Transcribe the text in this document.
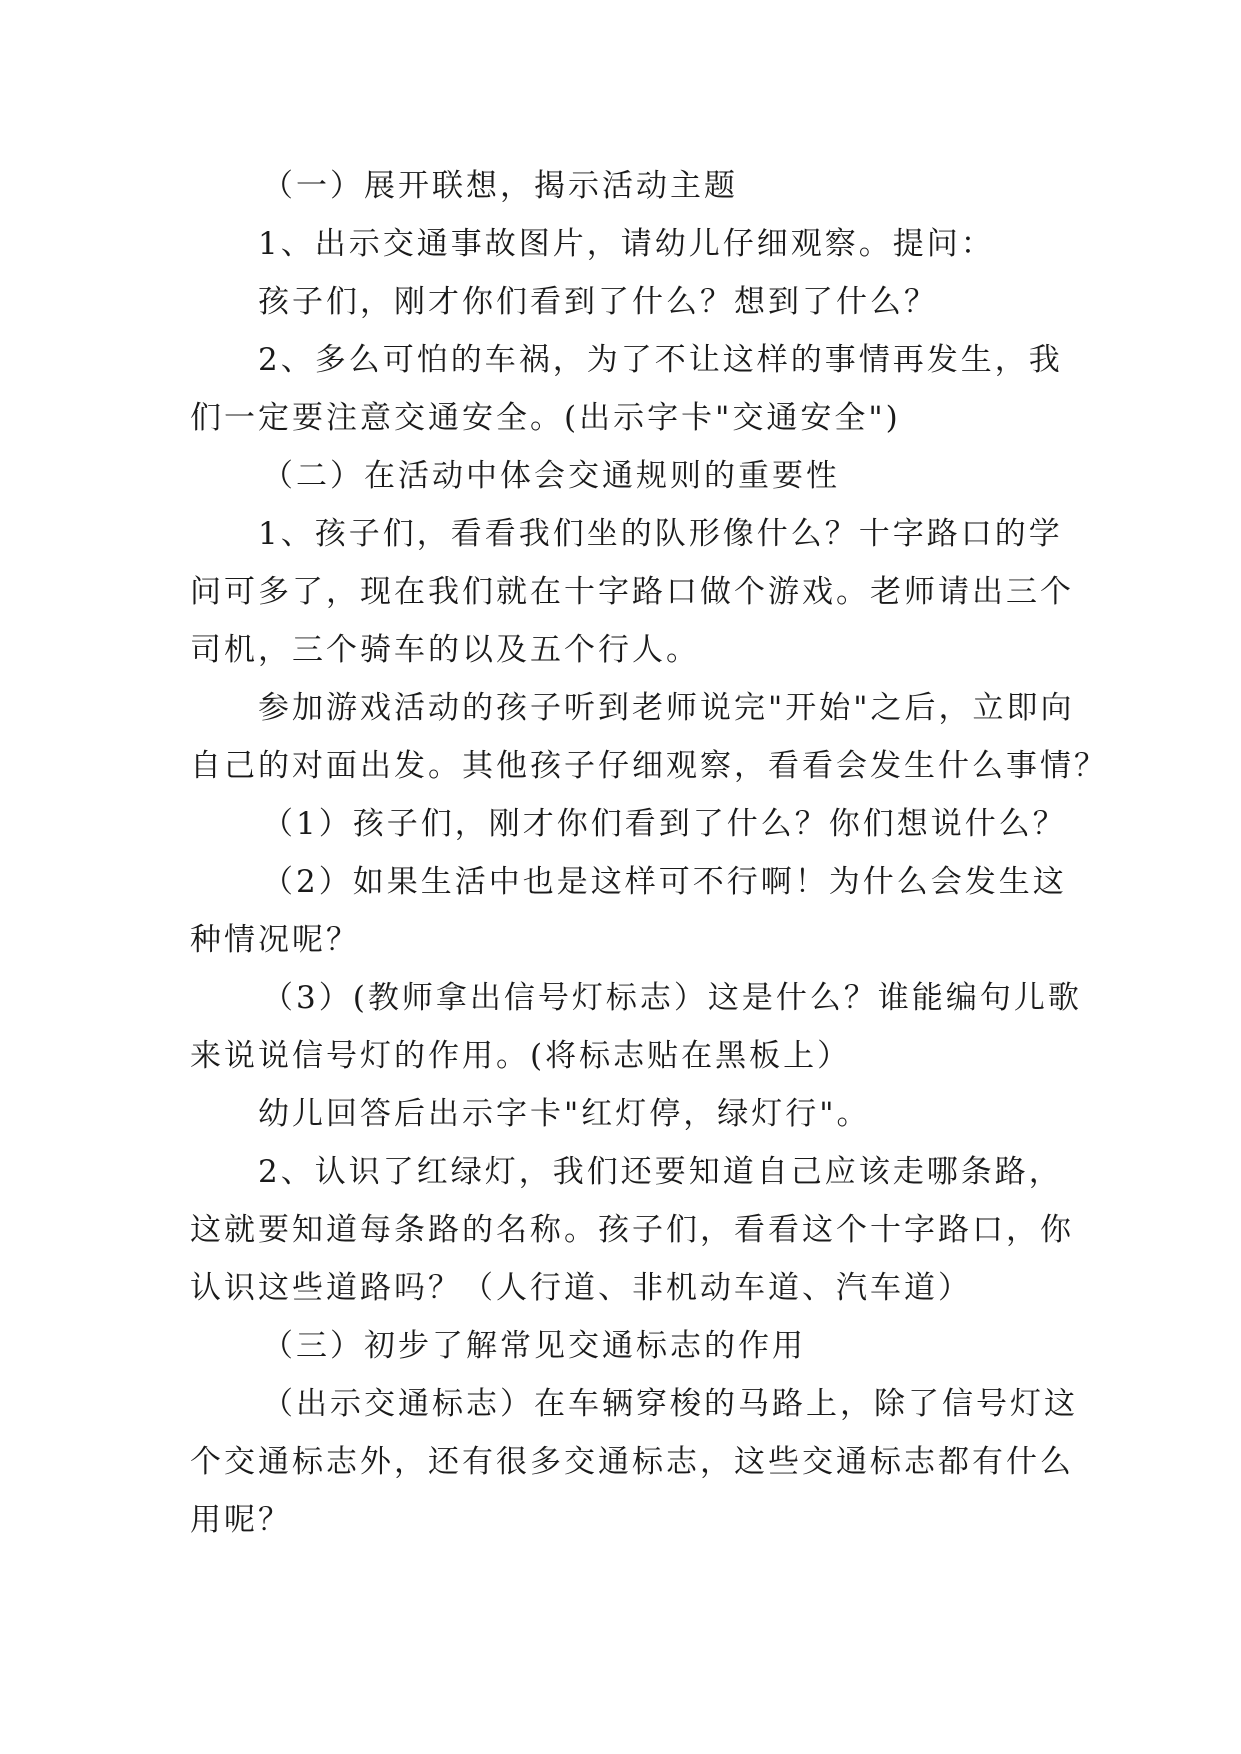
（一）展开联想，揭示活动主题
1、出示交通事故图片，请幼儿仔细观察。提问：
孩子们，刚才你们看到了什么？想到了什么？
2、多么可怕的车祸，为了不让这样的事情再发生，我
们一定要注意交通安全。(出示字卡"交通安全")
（二）在活动中体会交通规则的重要性
1、孩子们，看看我们坐的队形像什么？十字路口的学
问可多了，现在我们就在十字路口做个游戏。老师请出三个
司机，三个骑车的以及五个行人。
参加游戏活动的孩子听到老师说完"开始"之后，立即向
自己的对面出发。其他孩子仔细观察，看看会发生什么事情？
（1）孩子们，刚才你们看到了什么？你们想说什么？
（2）如果生活中也是这样可不行啊！为什么会发生这
种情况呢？
（3）(教师拿出信号灯标志）这是什么？谁能编句儿歌
来说说信号灯的作用。(将标志贴在黑板上）
幼儿回答后出示字卡"红灯停，绿灯行"。
2、认识了红绿灯，我们还要知道自己应该走哪条路，
这就要知道每条路的名称。孩子们，看看这个十字路口，你
认识这些道路吗？（人行道、非机动车道、汽车道）
（三）初步了解常见交通标志的作用
（出示交通标志）在车辆穿梭的马路上，除了信号灯这
个交通标志外，还有很多交通标志，这些交通标志都有什么
用呢？
